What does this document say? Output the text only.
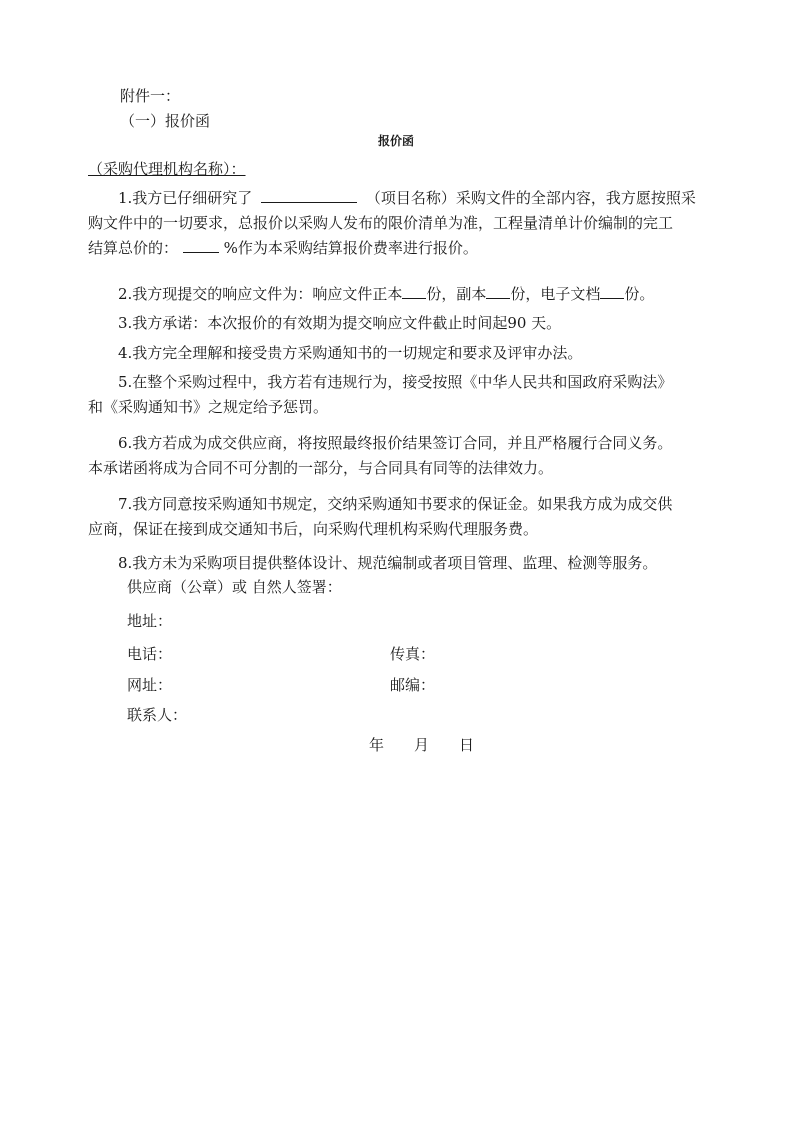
附件一：
（一）报价函
报价函
（采购代理机构名称）：
1.我方已仔细研究了	（项目名称）采购文件的全部内容，我方愿按照采
购文件中的一切要求，总报价以采购人发布的限价清单为准，工程量清单计价编制的完工
结算总价的：	%作为本采购结算报价费率进行报价。
2.我方现提交的响应文件为：响应文件正本 份，副本 份，电子文档 份。
3.我方承诺：本次报价的有效期为提交响应文件截止时间起90 天。
4.我方完全理解和接受贵方采购通知书的一切规定和要求及评审办法。
5.在整个采购过程中，我方若有违规行为，接受按照《中华人民共和国政府采购法》
和《采购通知书》之规定给予惩罚。
6.我方若成为成交供应商，将按照最终报价结果签订合同，并且严格履行合同义务。
本承诺函将成为合同不可分割的一部分，与合同具有同等的法律效力。
7.我方同意按采购通知书规定，交纳采购通知书要求的保证金。如果我方成为成交供
应商，保证在接到成交通知书后，向采购代理机构采购代理服务费。
8.我方未为采购项目提供整体设计、规范编制或者项目管理、监理、检测等服务。
供应商（公章）或 自然人签署：
地址：
电话：	传真：
网址：	邮编：
联系人：
年　　月　　日
